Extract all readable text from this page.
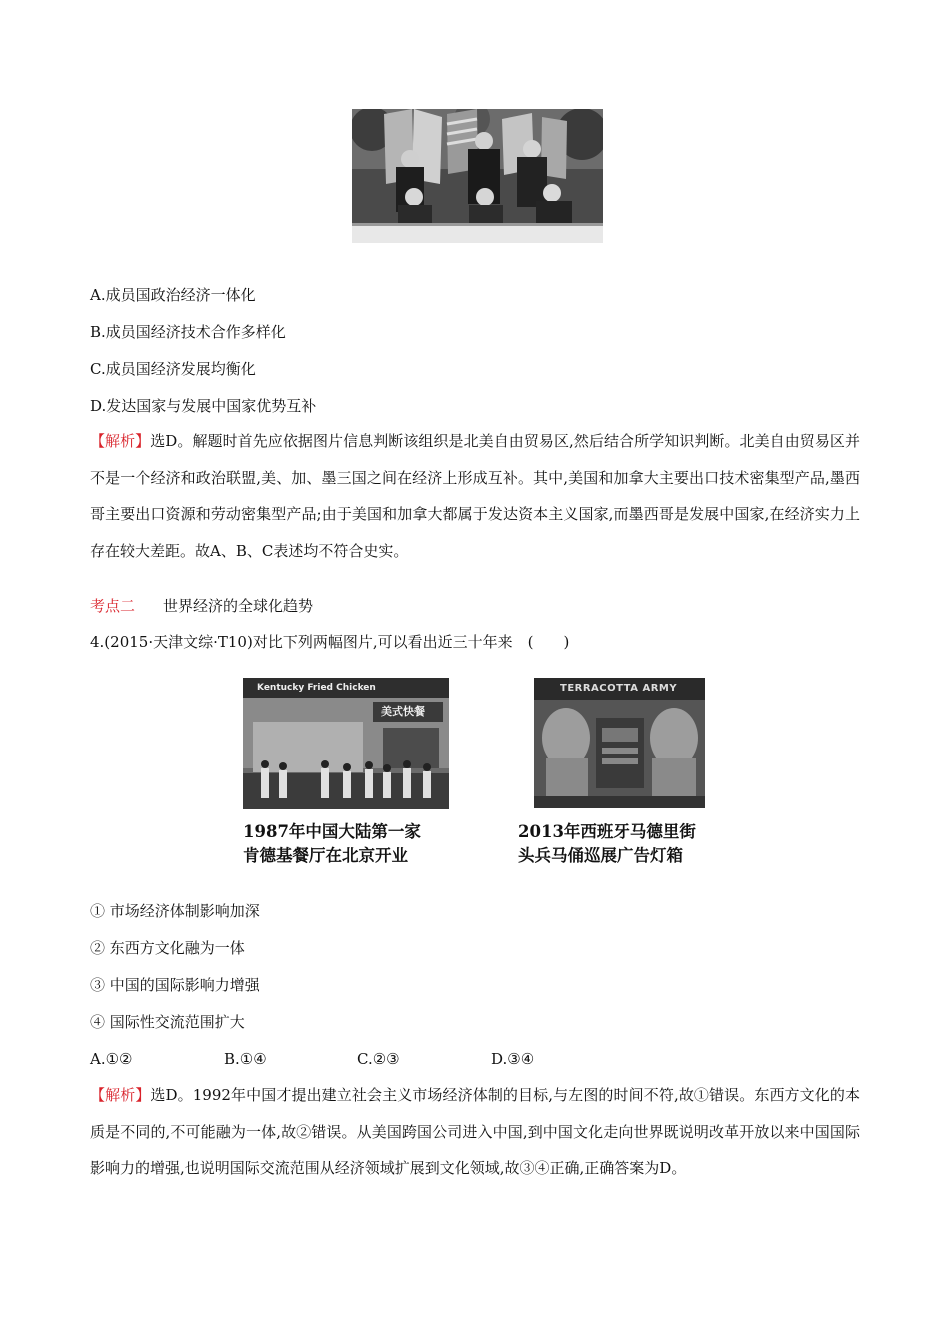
A.成员国政治经济一体化
B.成员国经济技术合作多样化
C.成员国经济发展均衡化
D.发达国家与发展中国家优势互补
【解析】选D。解题时首先应依据图片信息判断该组织是北美自由贸易区,然后结合所学知识判断。北美自由贸易区并不是一个经济和政治联盟,美、加、墨三国之间在经济上形成互补。其中,美国和加拿大主要出口技术密集型产品,墨西哥主要出口资源和劳动密集型产品;由于美国和加拿大都属于发达资本主义国家,而墨西哥是发展中国家,在经济实力上存在较大差距。故A、B、C表述均不符合史实。
考点二 世界经济的全球化趋势
4.(2015·天津文综·T10)对比下列两幅图片,可以看出近三十年来　(　　)
Kentucky Fried Chicken
美式快餐
1987年中国大陆第一家
肯德基餐厅在北京开业
TERRACOTTA ARMY
2013年西班牙马德里街
头兵马俑巡展广告灯箱
① 市场经济体制影响加深
② 东西方文化融为一体
③ 中国的国际影响力增强
④ 国际性交流范围扩大
A.①②	B.①④	C.②③	D.③④
【解析】选D。1992年中国才提出建立社会主义市场经济体制的目标,与左图的时间不符,故①错误。东西方文化的本质是不同的,不可能融为一体,故②错误。从美国跨国公司进入中国,到中国文化走向世界既说明改革开放以来中国国际影响力的增强,也说明国际交流范围从经济领域扩展到文化领域,故③④正确,正确答案为D。
